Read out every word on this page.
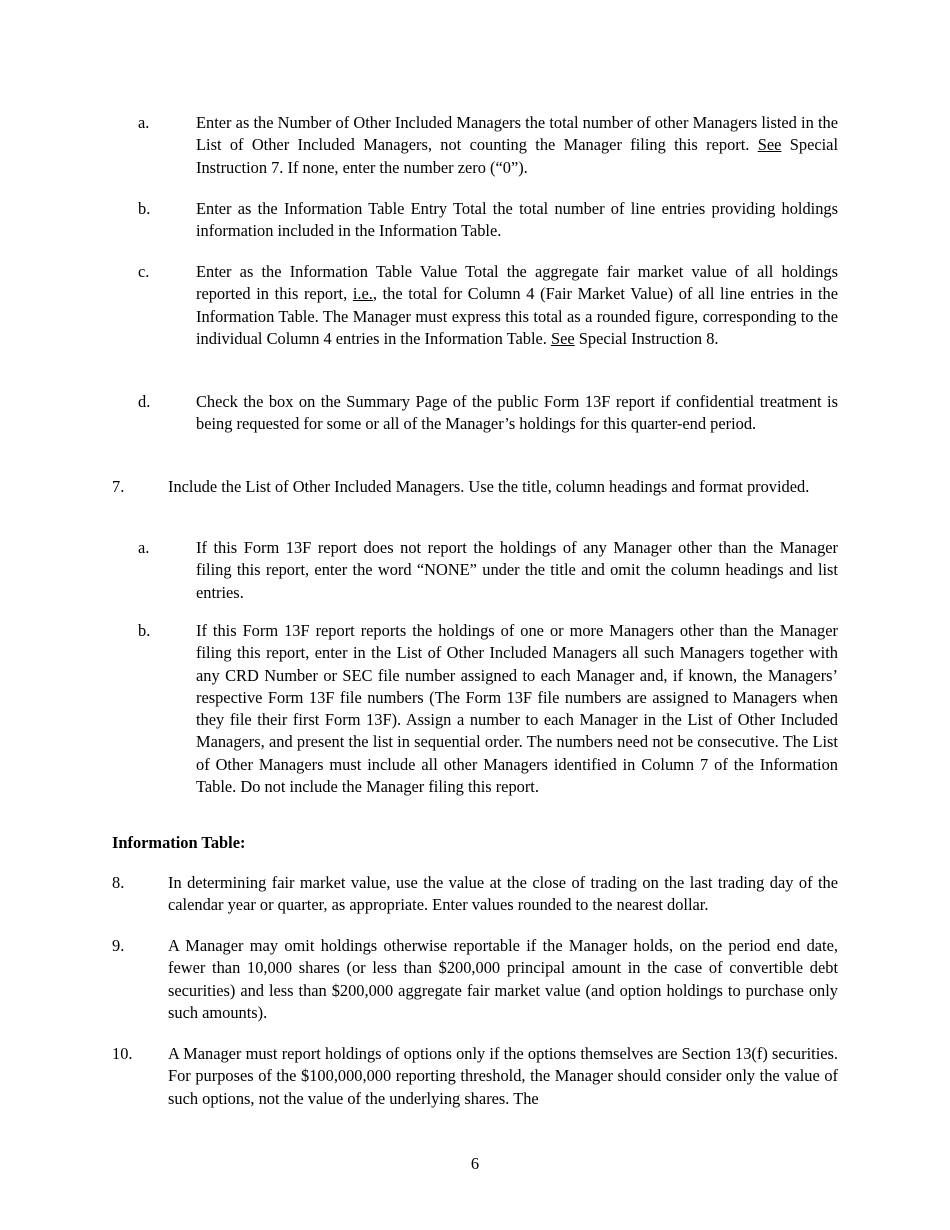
a.	Enter as the Number of Other Included Managers the total number of other Managers listed in the List of Other Included Managers, not counting the Manager filing this report. See Special Instruction 7. If none, enter the number zero (“0”).
b.	Enter as the Information Table Entry Total the total number of line entries providing holdings information included in the Information Table.
c.	Enter as the Information Table Value Total the aggregate fair market value of all holdings reported in this report, i.e., the total for Column 4 (Fair Market Value) of all line entries in the Information Table. The Manager must express this total as a rounded figure, corresponding to the individual Column 4 entries in the Information Table. See Special Instruction 8.
d.	Check the box on the Summary Page of the public Form 13F report if confidential treatment is being requested for some or all of the Manager’s holdings for this quarter-end period.
7.	Include the List of Other Included Managers. Use the title, column headings and format provided.
a.	If this Form 13F report does not report the holdings of any Manager other than the Manager filing this report, enter the word “NONE” under the title and omit the column headings and list entries.
b.	If this Form 13F report reports the holdings of one or more Managers other than the Manager filing this report, enter in the List of Other Included Managers all such Managers together with any CRD Number or SEC file number assigned to each Manager and, if known, the Managers’ respective Form 13F file numbers (The Form 13F file numbers are assigned to Managers when they file their first Form 13F). Assign a number to each Manager in the List of Other Included Managers, and present the list in sequential order. The numbers need not be consecutive. The List of Other Managers must include all other Managers identified in Column 7 of the Information Table. Do not include the Manager filing this report.
Information Table:
8.	In determining fair market value, use the value at the close of trading on the last trading day of the calendar year or quarter, as appropriate. Enter values rounded to the nearest dollar.
9.	A Manager may omit holdings otherwise reportable if the Manager holds, on the period end date, fewer than 10,000 shares (or less than $200,000 principal amount in the case of convertible debt securities) and less than $200,000 aggregate fair market value (and option holdings to purchase only such amounts).
10. A Manager must report holdings of options only if the options themselves are Section 13(f) securities. For purposes of the $100,000,000 reporting threshold, the Manager should consider only the value of such options, not the value of the underlying shares. The
6
